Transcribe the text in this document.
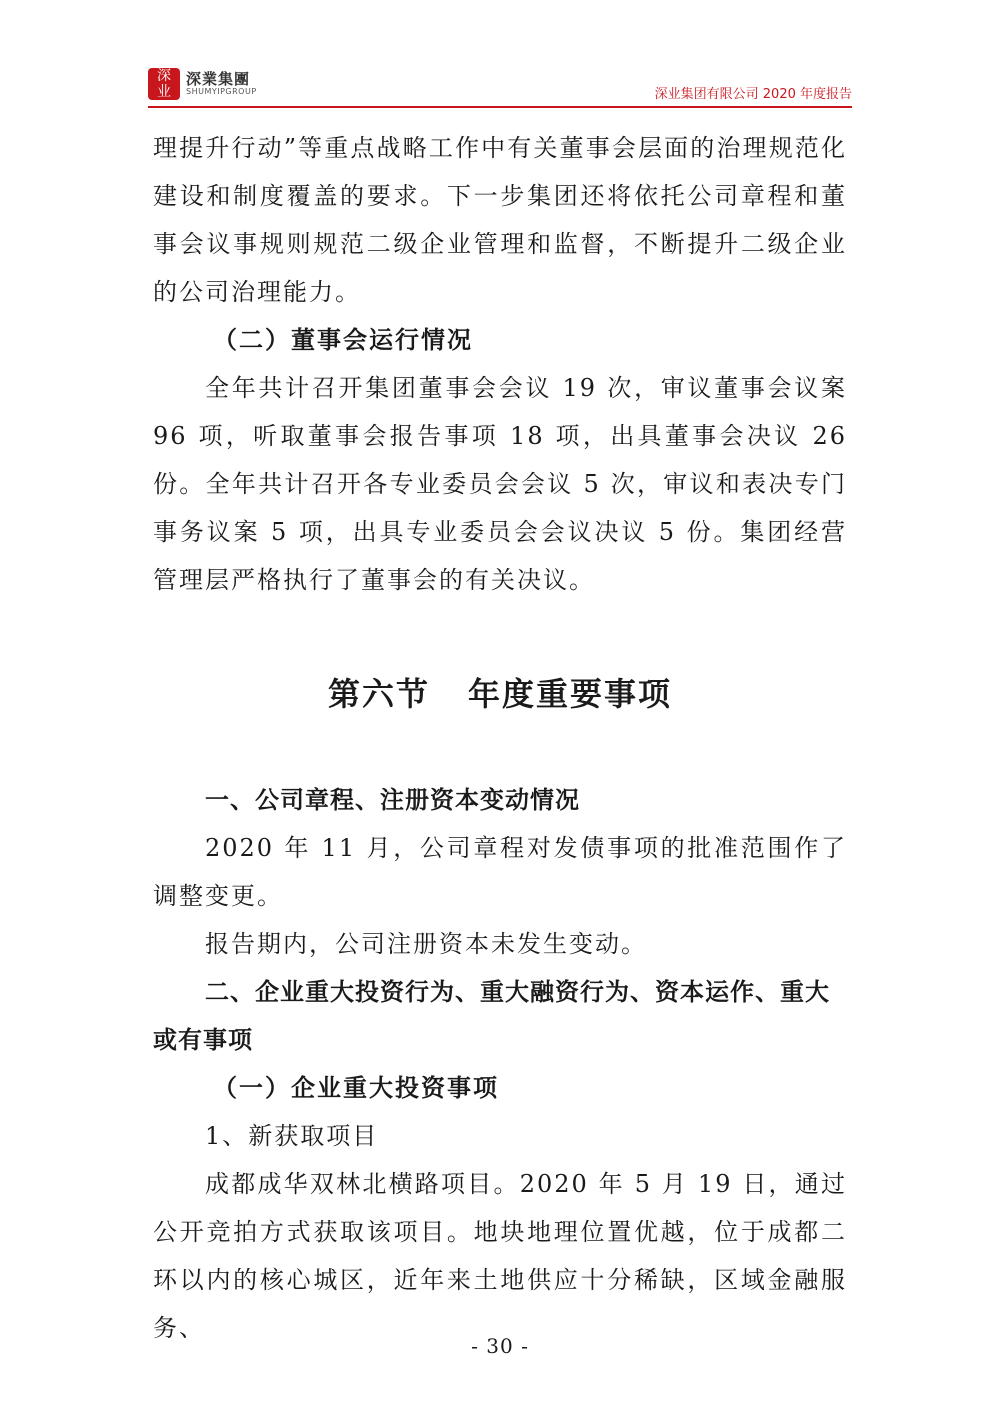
深
业
深業集團
SHUMYIPGROUP	深业集团有限公司 2020 年度报告

理提升行动”等重点战略工作中有关董事会层面的治理规范化建设和制度覆盖的要求。下一步集团还将依托公司章程和董事会议事规则规范二级企业管理和监督，不断提升二级企业的公司治理能力。

（二）董事会运行情况

全年共计召开集团董事会会议 19 次，审议董事会议案 96 项，听取董事会报告事项 18 项，出具董事会决议 26 份。全年共计召开各专业委员会会议 5 次，审议和表决专门事务议案 5 项，出具专业委员会会议决议 5 份。集团经营管理层严格执行了董事会的有关决议。

第六节 年度重要事项

一、公司章程、注册资本变动情况

2020 年 11 月，公司章程对发债事项的批准范围作了调整变更。

报告期内，公司注册资本未发生变动。

二、企业重大投资行为、重大融资行为、资本运作、重大或有事项

（一）企业重大投资事项

1、新获取项目

成都成华双林北横路项目。2020 年 5 月 19 日，通过公开竞拍方式获取该项目。地块地理位置优越，位于成都二环以内的核心城区，近年来土地供应十分稀缺，区域金融服务、

- 30 -
